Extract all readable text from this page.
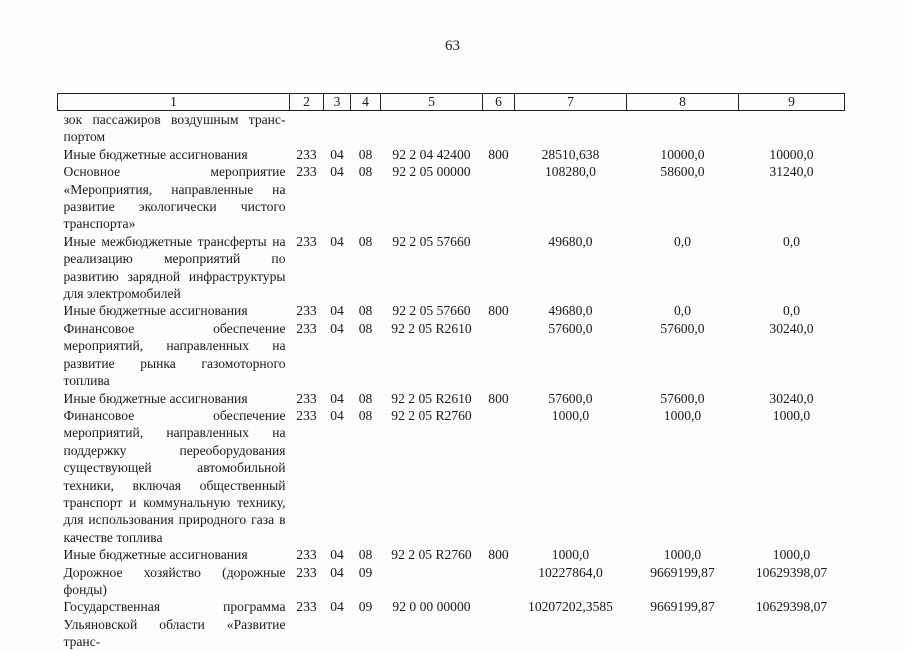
63
1	2	3	4	5	6	7	8	9
зок пассажиров воздушным транс-портом								
Иные бюджетные ассигнования	233	04	08	92 2 04 42400	800	28510,638	10000,0	10000,0
Основное мероприятие «Мероприятия, направленные на развитие экологически чистого транспорта»	233	04	08	92 2 05 00000		108280,0	58600,0	31240,0
Иные межбюджетные трансферты на реализацию мероприятий по развитию зарядной инфраструктуры для электромобилей	233	04	08	92 2 05 57660		49680,0	0,0	0,0
Иные бюджетные ассигнования	233	04	08	92 2 05 57660	800	49680,0	0,0	0,0
Финансовое обеспечение мероприятий, направленных на развитие рынка газомоторного топлива	233	04	08	92 2 05 R2610		57600,0	57600,0	30240,0
Иные бюджетные ассигнования	233	04	08	92 2 05 R2610	800	57600,0	57600,0	30240,0
Финансовое обеспечение мероприятий, направленных на поддержку переоборудования существующей автомобильной техники, включая общественный транспорт и коммунальную технику, для использования природного газа в качестве топлива	233	04	08	92 2 05 R2760		1000,0	1000,0	1000,0
Иные бюджетные ассигнования	233	04	08	92 2 05 R2760	800	1000,0	1000,0	1000,0
Дорожное хозяйство (дорожные фонды)	233	04	09			10227864,0	9669199,87	10629398,07
Государственная программа Ульяновской области «Развитие транс-	233	04	09	92 0 00 00000		10207202,3585	9669199,87	10629398,07
